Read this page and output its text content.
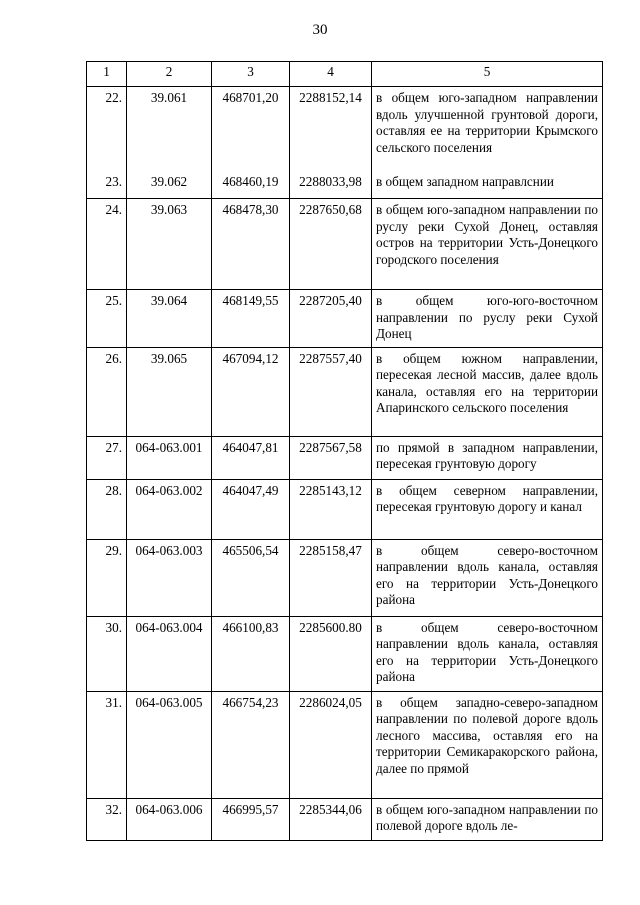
30
1	2	3	4	5
22.	39.061	468701,20	2288152,14	в общем юго-западном направлении вдоль улучшенной грунтовой дороги, оставляя ее на территории Крымского сельского поселения
23.	39.062	468460,19	2288033,98	в общем западном направлснии
24.	39.063	468478,30	2287650,68	в общем юго-западном направлении по руслу реки Сухой Донец, оставляя остров на территории Усть-Донецкого городского поселения
25.	39.064	468149,55	2287205,40	в общем юго-юго-восточном направлении по руслу реки Сухой Донец
26.	39.065	467094,12	2287557,40	в общем южном направлении, пересекая лесной массив, далее вдоль канала, оставляя его на территории Апаринского сельского поселения
27.	064-063.001	464047,81	2287567,58	по прямой в западном направлении, пересекая грунтовую дорогу
28.	064-063.002	464047,49	2285143,12	в общем северном направлении, пересекая грунтовую дорогу и канал
29.	064-063.003	465506,54	2285158,47	в общем северо-восточном направлении вдоль канала, оставляя его на территории Усть-Донецкого района
30.	064-063.004	466100,83	2285600.80	в общем северо-восточном направлении вдоль канала, оставляя его на территории Усть-Донецкого района
31.	064-063.005	466754,23	2286024,05	в общем западно-северо-западном направлении по полевой дороге вдоль лесного массива, оставляя его на территории Семикаракорского района, далее по прямой
32.	064-063.006	466995,57	2285344,06	в общем юго-западном направлении по полевой дороге вдоль ле-
